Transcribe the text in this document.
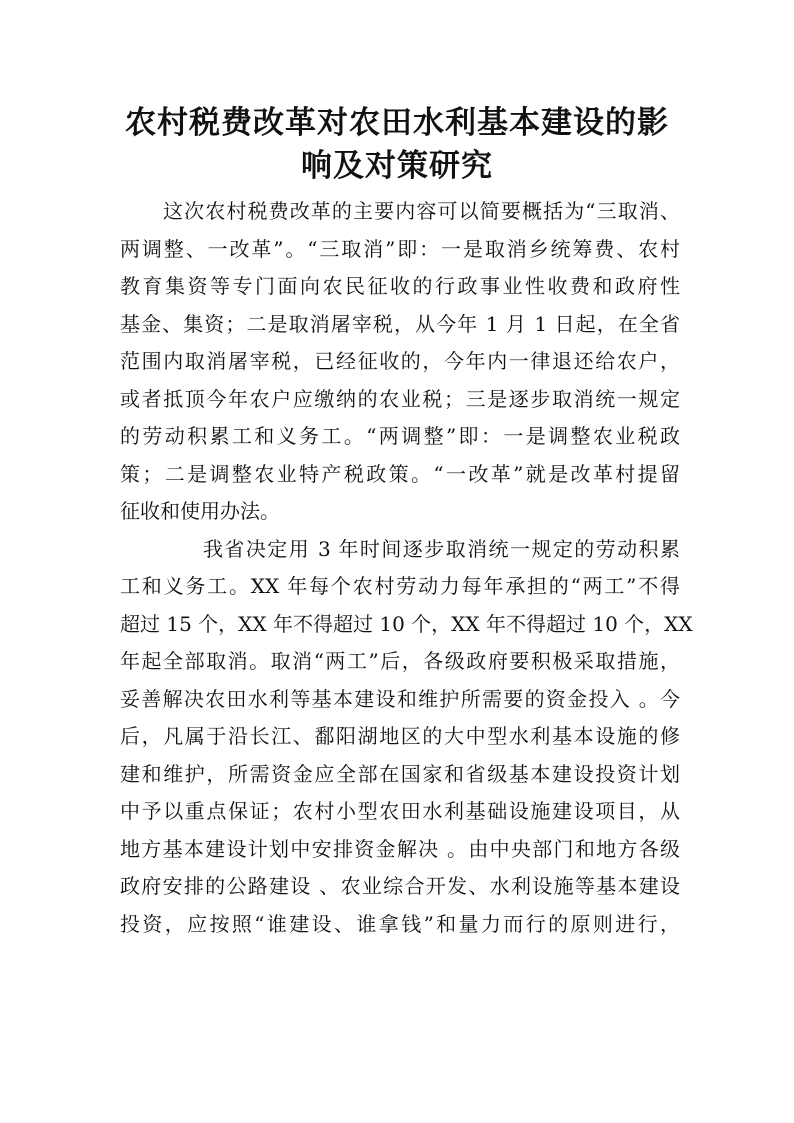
农村税费改革对农田水利基本建设的影
响及对策研究
这次农村税费改革的主要内容可以简要概括为“三取消、
两调整、一改革”。“三取消”即：一是取消乡统筹费、农村
教育集资等专门面向农民征收的行政事业性收费和政府性
基金、集资；二是取消屠宰税，从今年 1 月 1 日起，在全省
范围内取消屠宰税，已经征收的，今年内一律退还给农户，
或者抵顶今年农户应缴纳的农业税；三是逐步取消统一规定
的劳动积累工和义务工。“两调整”即：一是调整农业税政
策；二是调整农业特产税政策。“一改革”就是改革村提留
征收和使用办法。
我省决定用 3 年时间逐步取消统一规定的劳动积累
工和义务工。XX 年每个农村劳动力每年承担的“两工”不得
超过 15 个，XX 年不得超过 10 个，XX 年不得超过 10 个，XX
年起全部取消。取消“两工”后，各级政府要积极采取措施，
妥善解决农田水利等基本建设和维护所需要的资金投入 。今
后，凡属于沿长江、鄱阳湖地区的大中型水利基本设施的修
建和维护，所需资金应全部在国家和省级基本建设投资计划
中予以重点保证；农村小型农田水利基础设施建设项目，从
地方基本建设计划中安排资金解决 。由中央部门和地方各级
政府安排的公路建设 、农业综合开发、水利设施等基本建设
投资，应按照“谁建设、谁拿钱”和量力而行的原则进行，
